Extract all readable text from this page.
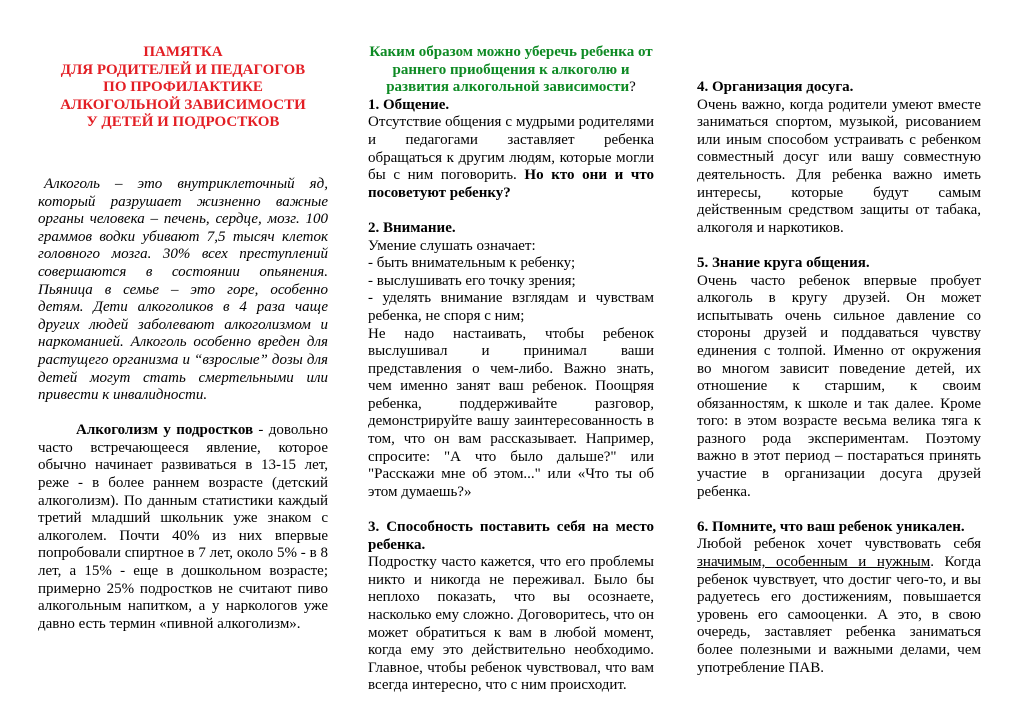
ПАМЯТКА
ДЛЯ РОДИТЕЛЕЙ И ПЕДАГОГОВ
ПО ПРОФИЛАКТИКЕ
АЛКОГОЛЬНОЙ ЗАВИСИМОСТИ
У ДЕТЕЙ И ПОДРОСТКОВ

Алкоголь – это внутриклеточный яд, который разрушает жизненно важные органы человека – печень, сердце, мозг. 100 граммов водки убивают 7,5 тысяч клеток головного мозга. 30% всех преступлений совершаются в состоянии опьянения. Пьяница в семье – это горе, особенно детям. Дети алкоголиков в 4 раза чаще других людей заболевают алкоголизмом и наркоманией. Алкоголь особенно вреден для растущего организма и “взрослые” дозы для детей могут стать смертельными или привести к инвалидности.

Алкоголизм у подростков - довольно часто встречающееся явление, которое обычно начинает развиваться в 13-15 лет, реже - в более раннем возрасте (детский алкоголизм). По данным статистики каждый третий младший школьник уже знаком с алкоголем. Почти 40% из них впервые попробовали спиртное в 7 лет, около 5% - в 8 лет, а 15% - еще в дошкольном возрасте; примерно 25% подростков не считают пиво алкогольным напитком, а у наркологов уже давно есть термин «пивной алкоголизм».

Каким образом можно уберечь ребенка от раннего приобщения к алкоголю и развития алкогольной зависимости?
1. Общение.

Отсутствие общения с мудрыми родителями и педагогами заставляет ребенка обращаться к другим людям, которые могли бы с ним поговорить. Но кто они и что посоветуют ребенку?

2. Внимание.

Умение слушать означает:

- быть внимательным к ребенку;

- выслушивать его точку зрения;

- уделять внимание взглядам и чувствам ребенка, не споря с ним;

Не надо настаивать, чтобы ребенок выслушивал и принимал ваши представления о чем-либо. Важно знать, чем именно занят ваш ребенок. Поощряя ребенка, поддерживайте разговор, демонстрируйте вашу заинтересованность в том, что он вам рассказывает. Например, спросите: "А что было дальше?" или "Расскажи мне об этом..." или «Что ты об этом думаешь?»

3. Способность поставить себя на место ребенка.

Подростку часто кажется, что его проблемы никто и никогда не переживал. Было бы неплохо показать, что вы осознаете, насколько ему сложно. Договоритесь, что он может обратиться к вам в любой момент, когда ему это действительно необходимо. Главное, чтобы ребенок чувствовал, что вам всегда интересно, что с ним происходит.

4. Организация досуга.

Очень важно, когда родители умеют вместе заниматься спортом, музыкой, рисованием или иным способом устраивать с ребенком совместный досуг или вашу совместную деятельность. Для ребенка важно иметь интересы, которые будут самым действенным средством защиты от табака, алкоголя и наркотиков.

5. Знание круга общения.

Очень часто ребенок впервые пробует алкоголь в кругу друзей. Он может испытывать очень сильное давление со стороны друзей и поддаваться чувству единения с толпой. Именно от окружения во многом зависит поведение детей, их отношение к старшим, к своим обязанностям, к школе и так далее. Кроме того: в этом возрасте весьма велика тяга к разного рода экспериментам. Поэтому важно в этот период – постараться принять участие в организации досуга друзей ребенка.

6. Помните, что ваш ребенок уникален.

Любой ребенок хочет чувствовать себя значимым, особенным и нужным. Когда ребенок чувствует, что достиг чего-то, и вы радуетесь его достижениям, повышается уровень его самооценки. А это, в свою очередь, заставляет ребенка заниматься более полезными и важными делами, чем употребление ПАВ.
